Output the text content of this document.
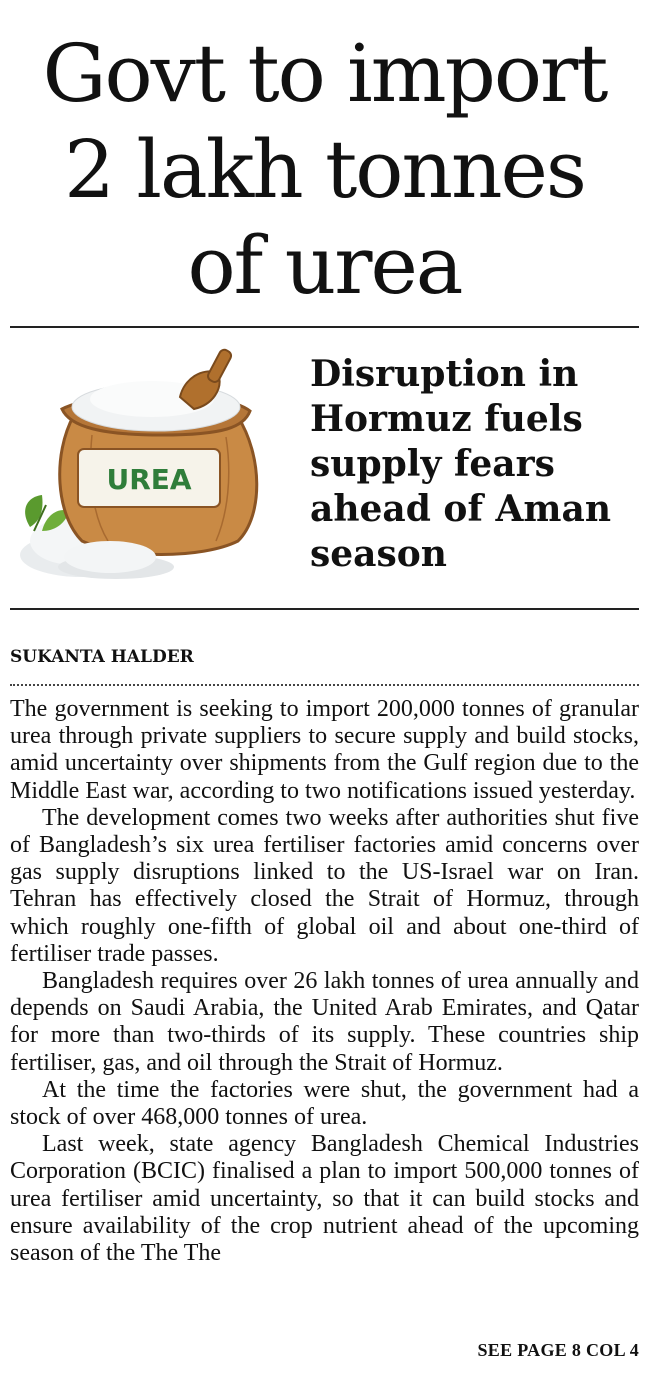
Govt to import
2 lakh tonnes
of urea
UREA
Disruption in Hormuz fuels supply fears ahead of Aman season
SUKANTA HALDER

The government is seeking to import 200,000 tonnes of granular urea through private suppliers to secure supply and build stocks, amid uncertainty over shipments from the Gulf region due to the Middle East war, according to two notifications issued yesterday.

The development comes two weeks after authorities shut five of Bangladesh’s six urea fertiliser factories amid concerns over gas supply disruptions linked to the US-Israel war on Iran. Tehran has effectively closed the Strait of Hormuz, through which roughly one-fifth of global oil and about one-third of fertiliser trade passes.

Bangladesh requires over 26 lakh tonnes of urea annually and depends on Saudi Arabia, the United Arab Emirates, and Qatar for more than two-thirds of its supply. These countries ship fertiliser, gas, and oil through the Strait of Hormuz.

At the time the factories were shut, the government had a stock of over 468,000 tonnes of urea.

Last week, state agency Bangladesh Chemical Industries Corporation (BCIC) finalised a plan to import 500,000 tonnes of urea fertiliser amid uncertainty, so that it can build stocks and ensure availability of the crop nutrient ahead of the upcoming season of the The The

SEE PAGE 8 COL 4
